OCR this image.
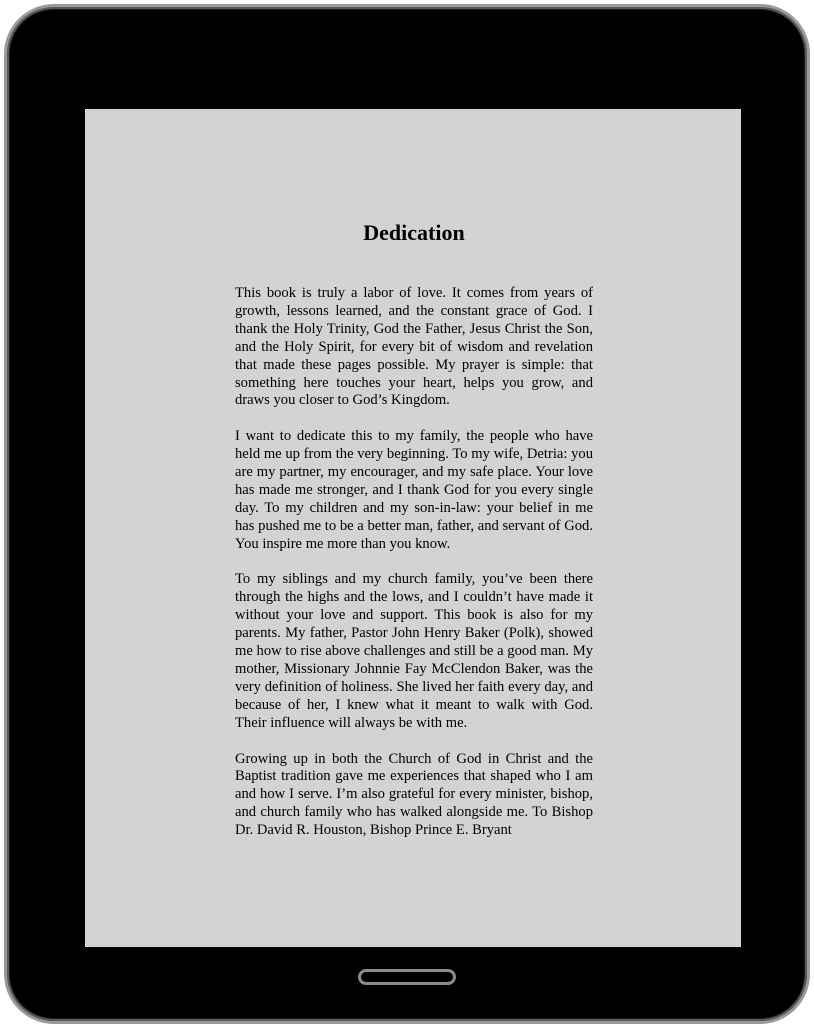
Dedication

This book is truly a labor of love. It comes from years of growth, lessons learned, and the constant grace of God. I thank the Holy Trinity, God the Father, Jesus Christ the Son, and the Holy Spirit, for every bit of wisdom and revelation that made these pages possible. My prayer is simple: that something here touches your heart, helps you grow, and draws you closer to God’s Kingdom.

I want to dedicate this to my family, the people who have held me up from the very beginning. To my wife, Detria: you are my partner, my encourager, and my safe place. Your love has made me stronger, and I thank God for you every single day. To my children and my son-in-law: your belief in me has pushed me to be a better man, father, and servant of God. You inspire me more than you know.

To my siblings and my church family, you’ve been there through the highs and the lows, and I couldn’t have made it without your love and support. This book is also for my parents. My father, Pastor John Henry Baker (Polk), showed me how to rise above challenges and still be a good man. My mother, Missionary Johnnie Fay McClendon Baker, was the very definition of holiness. She lived her faith every day, and because of her, I knew what it meant to walk with God. Their influence will always be with me.

Growing up in both the Church of God in Christ and the Baptist tradition gave me experiences that shaped who I am and how I serve. I’m also grateful for every minister, bishop, and church family who has walked alongside me. To Bishop Dr. David R. Houston, Bishop Prince E. Bryant
